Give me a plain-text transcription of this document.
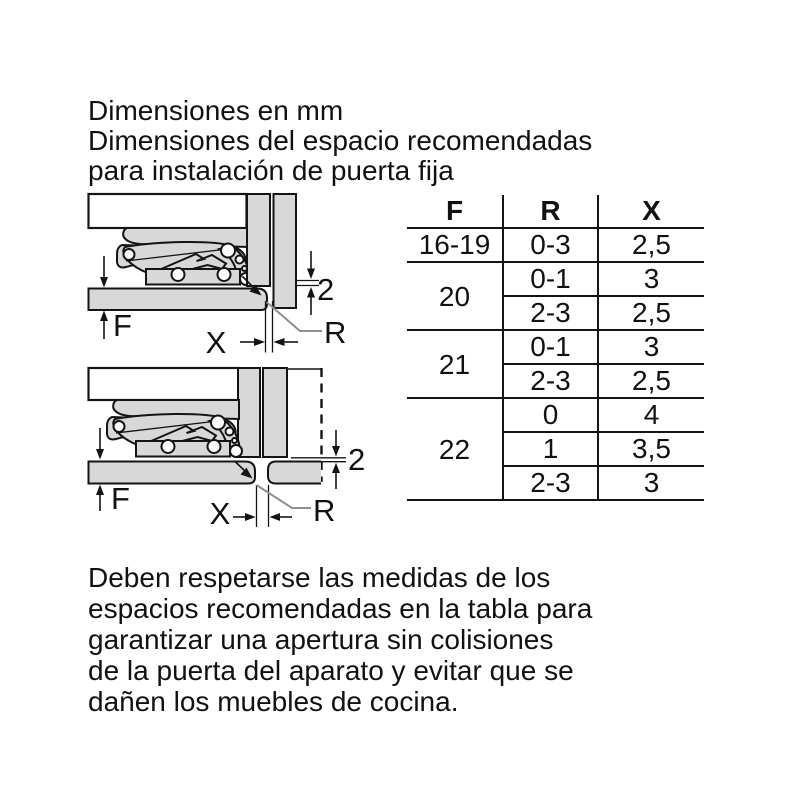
Dimensiones en mm
Dimensiones del espacio recomendadas
para instalación de puerta fija
F X	R
2
F	X	R
2
F	R	X
16-19	0-3	2,5
20	0-1	3
	2-3	2,5
21	0-1	3
	2-3	2,5
22	0	4
	1	3,5
	2-3	3
Deben respetarse las medidas de los
espacios recomendadas en la tabla para
garantizar una apertura sin colisiones
de la puerta del aparato y evitar que se
dañen los muebles de cocina.
